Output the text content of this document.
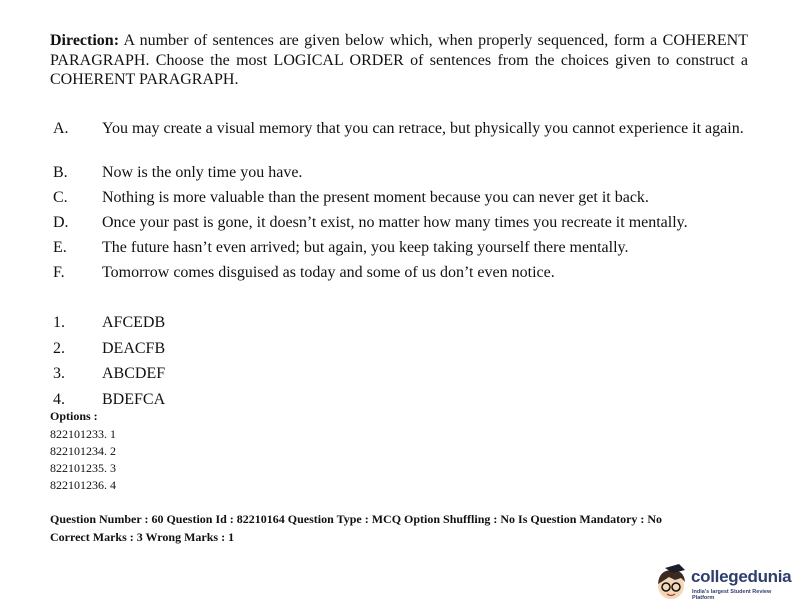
Direction: A number of sentences are given below which, when properly sequenced, form a COHERENT PARAGRAPH. Choose the most LOGICAL ORDER of sentences from the choices given to construct a COHERENT PARAGRAPH.
A. You may create a visual memory that you can retrace, but physically you cannot experience it again.
B. Now is the only time you have.
C. Nothing is more valuable than the present moment because you can never get it back.
D. Once your past is gone, it doesn’t exist, no matter how many times you recreate it mentally.
E. The future hasn’t even arrived; but again, you keep taking yourself there mentally.
F. Tomorrow comes disguised as today and some of us don’t even notice.
1. AFCEDB
2. DEACFB
3. ABCDEF
4. BDEFCA
Options :
822101233. 1
822101234. 2
822101235. 3
822101236. 4
Question Number : 60 Question Id : 82210164 Question Type : MCQ Option Shuffling : No Is Question Mandatory : No
Correct Marks : 3 Wrong Marks : 1
collegedunia
India's largest Student Review Platform
